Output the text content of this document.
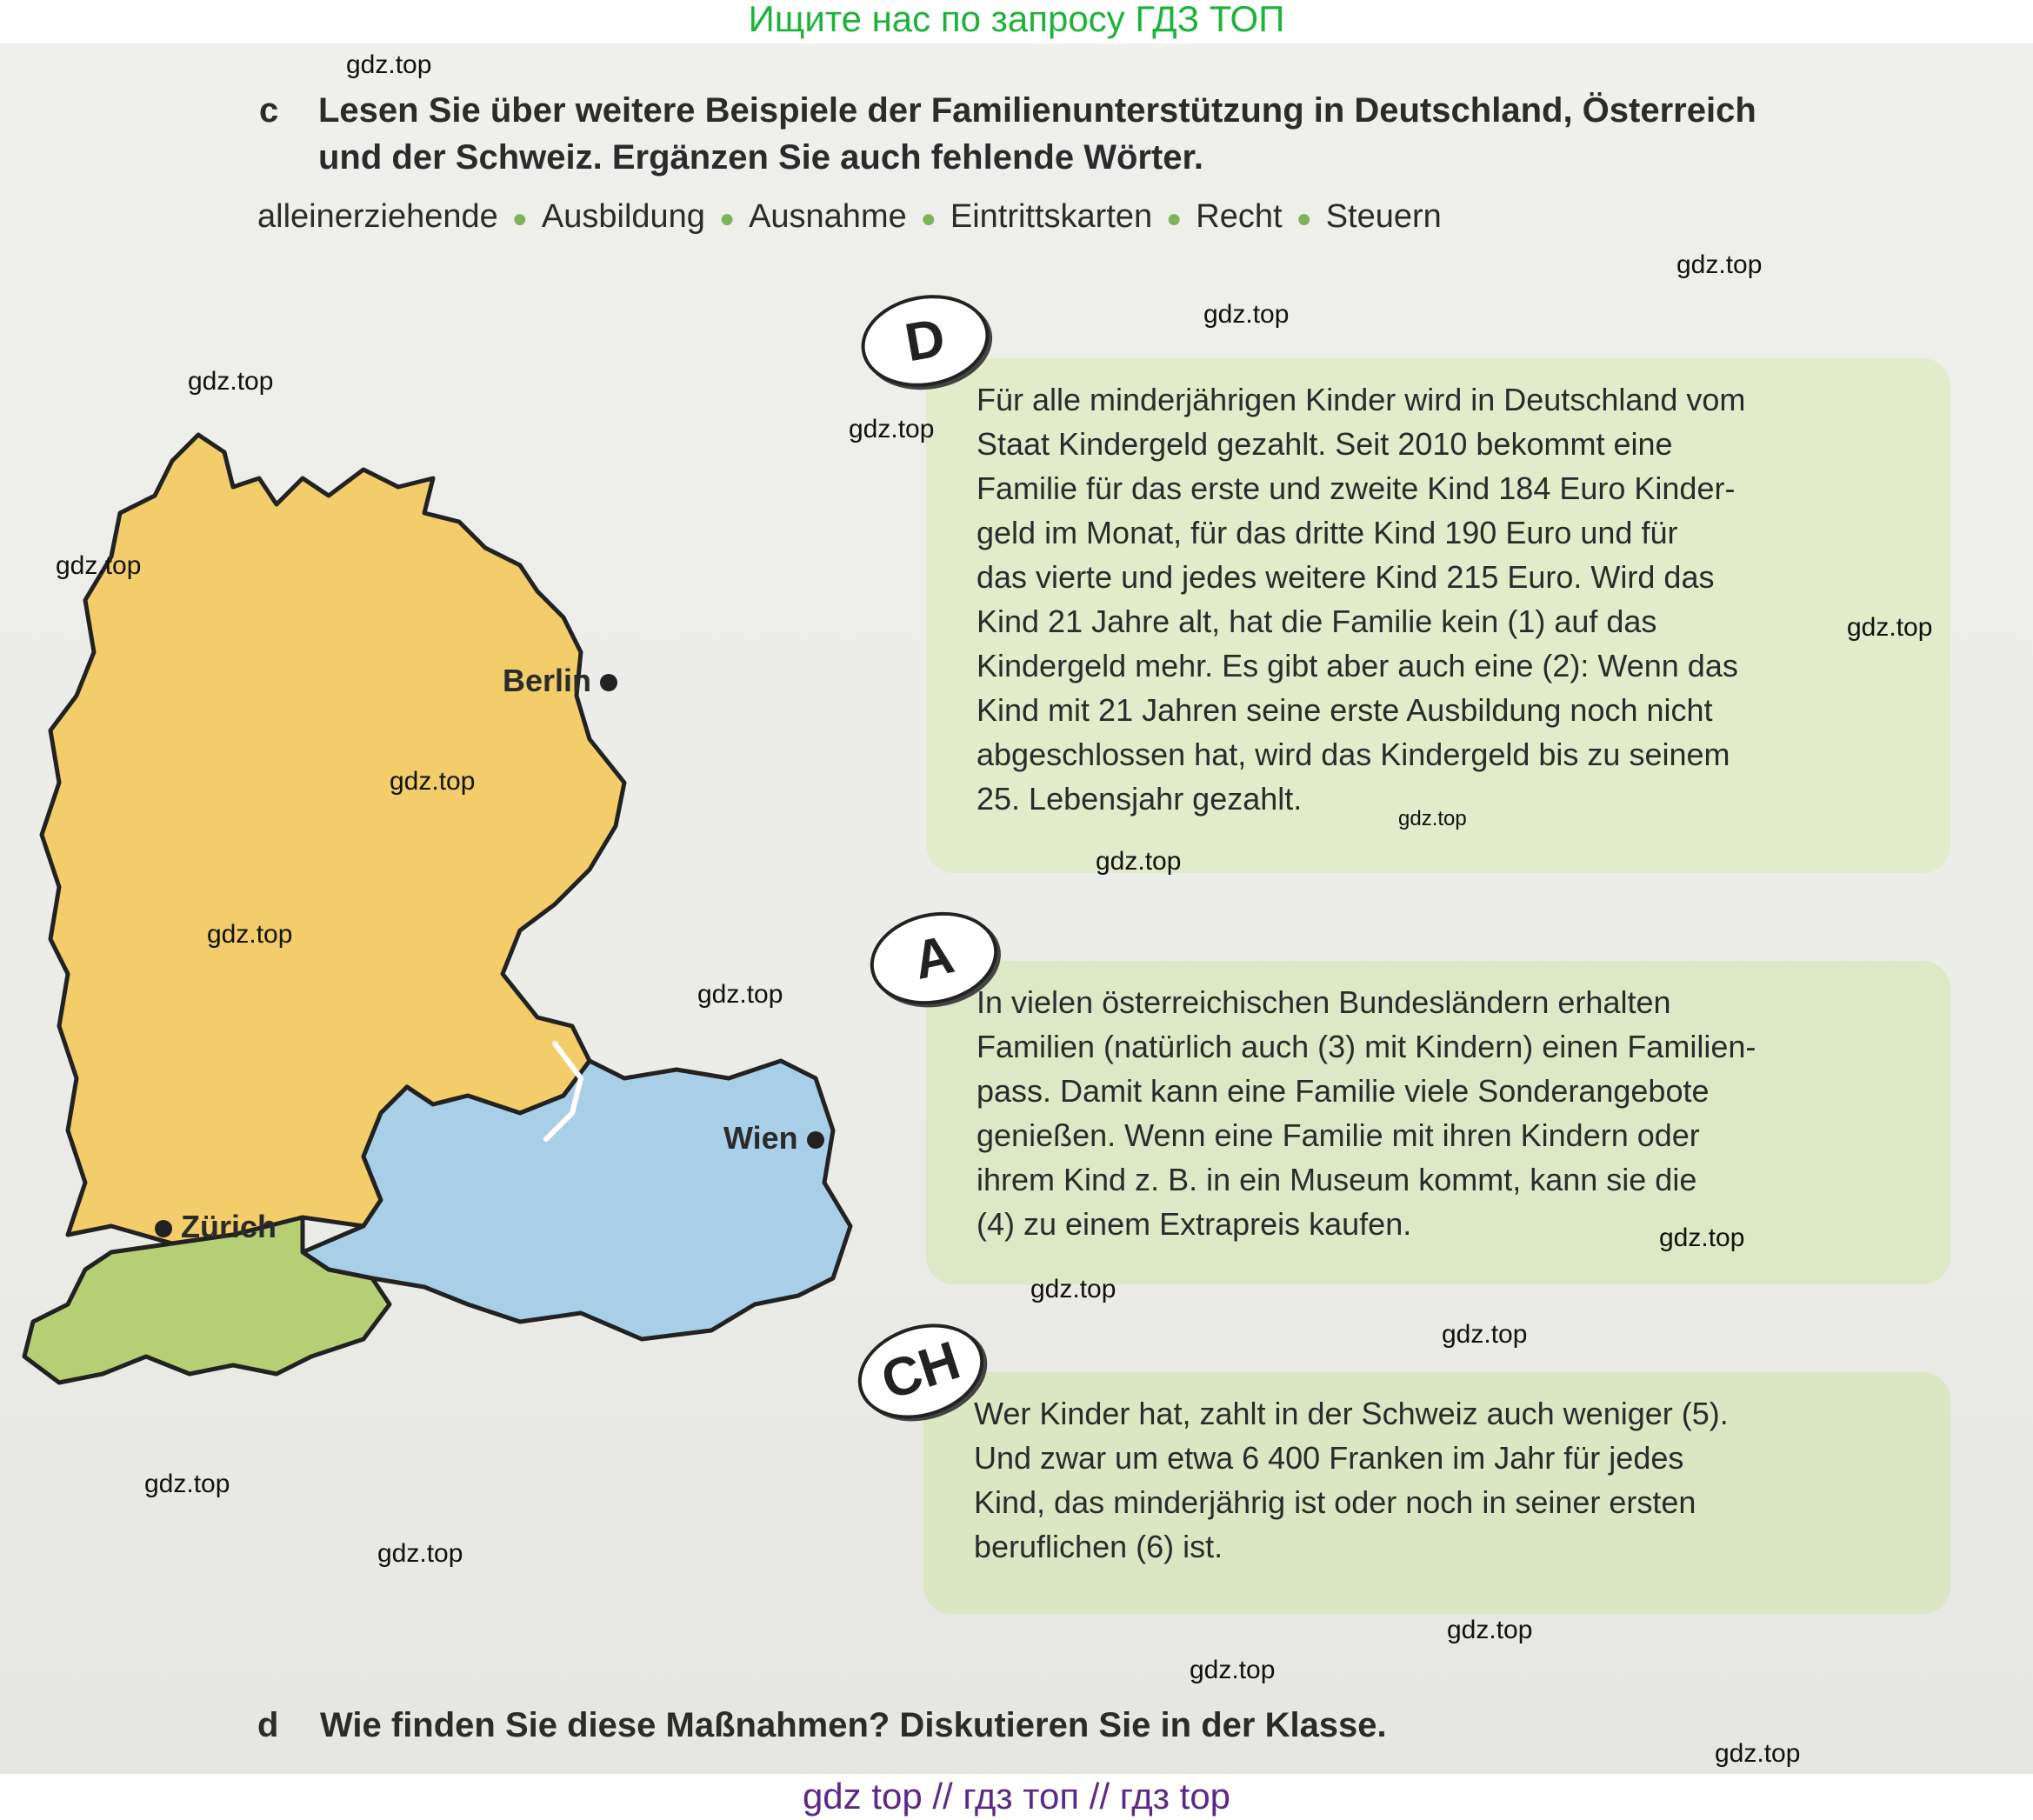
Ищите нас по запросу ГДЗ ТОП
c Lesen Sie über weitere Beispiele der Familienunterstützung in Deutschland, Österreich
und der Schweiz. Ergänzen Sie auch fehlende Wörter.
alleinerziehende ● Ausbildung ● Ausnahme ● Eintrittskarten ● Recht ● Steuern
Berlin
Wien
Zürich
Für alle minderjährigen Kinder wird in Deutschland vom
Staat Kindergeld gezahlt. Seit 2010 bekommt eine
Familie für das erste und zweite Kind 184 Euro Kinder-
geld im Monat, für das dritte Kind 190 Euro und für
das vierte und jedes weitere Kind 215 Euro. Wird das
Kind 21 Jahre alt, hat die Familie kein (1) auf das
Kindergeld mehr. Es gibt aber auch eine (2): Wenn das
Kind mit 21 Jahren seine erste Ausbildung noch nicht
abgeschlossen hat, wird das Kindergeld bis zu seinem
25. Lebensjahr gezahlt.
D
In vielen österreichischen Bundesländern erhalten
Familien (natürlich auch (3) mit Kindern) einen Familien-
pass. Damit kann eine Familie viele Sonderangebote
genießen. Wenn eine Familie mit ihren Kindern oder
ihrem Kind z. B. in ein Museum kommt, kann sie die
(4) zu einem Extrapreis kaufen.
A
Wer Kinder hat, zahlt in der Schweiz auch weniger (5).
Und zwar um etwa 6 400 Franken im Jahr für jedes
Kind, das minderjährig ist oder noch in seiner ersten
beruflichen (6) ist.
CH
d Wie finden Sie diese Maßnahmen? Diskutieren Sie in der Klasse.
gdz.top
gdz.top
gdz.top
gdz.top
gdz.top
gdz.top
gdz.top
gdz.top
gdz.top
gdz.top
gdz.top
gdz.top
gdz.top
gdz.top
gdz.top
gdz.top
gdz.top
gdz.top
gdz.top
gdz.top
gdz top // гдз топ // гдз top
